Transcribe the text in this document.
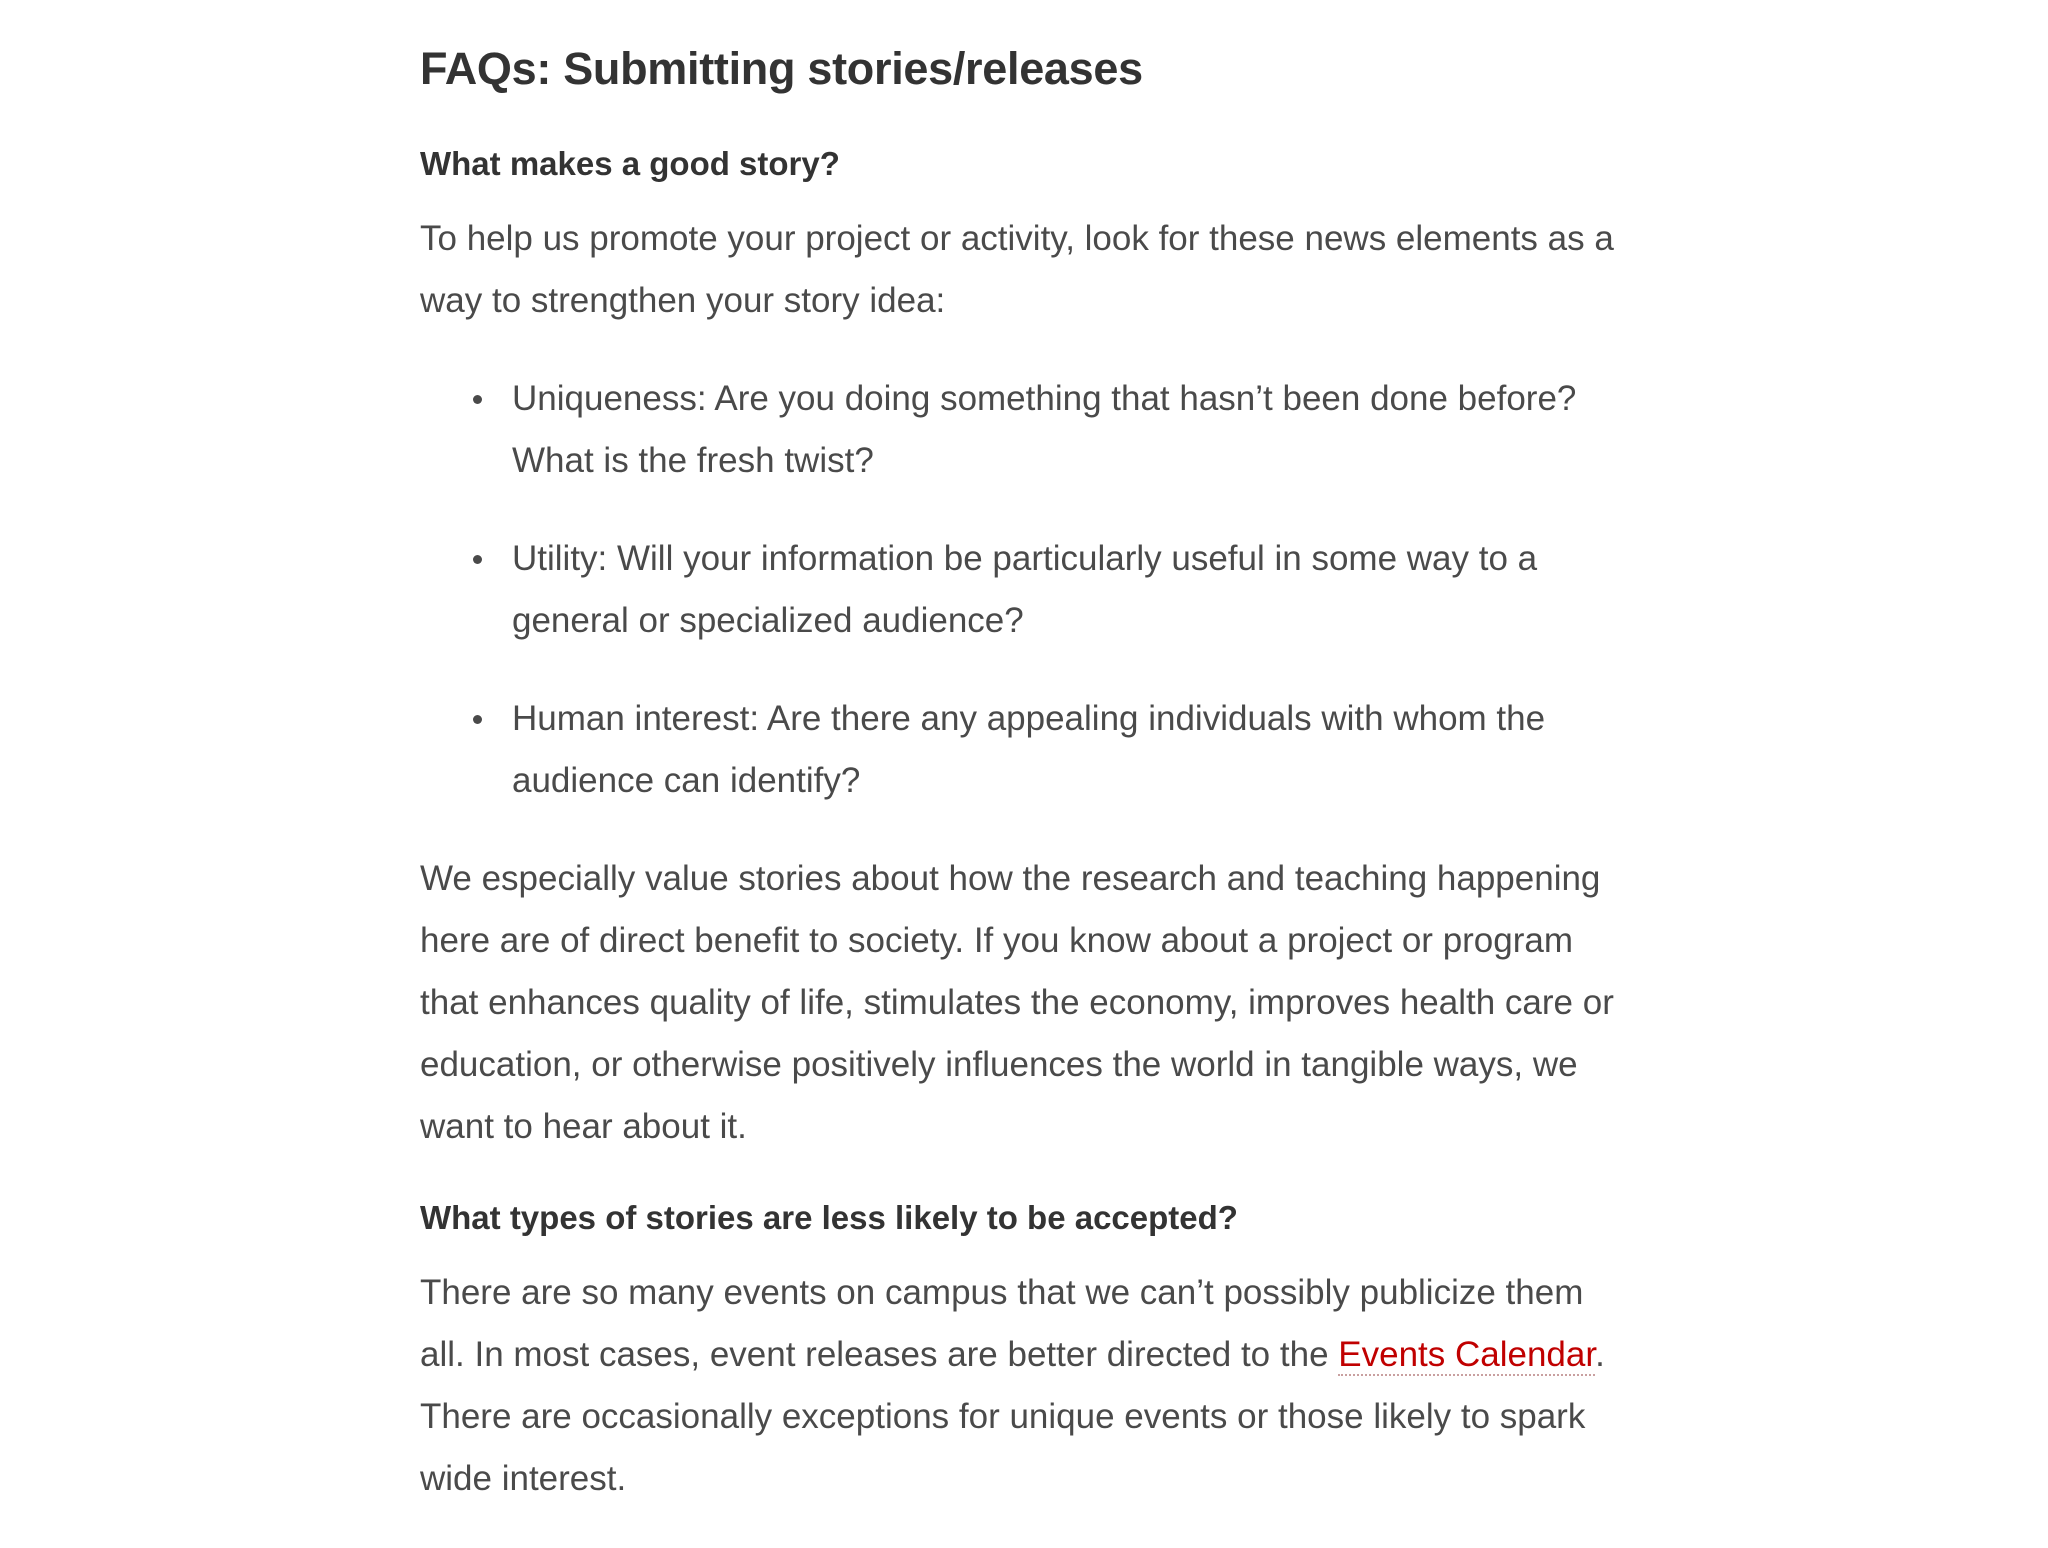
FAQs: Submitting stories/releases
What makes a good story?

To help us promote your project or activity, look for these news elements as a way to strengthen your story idea:

Uniqueness: Are you doing something that hasn’t been done before? What is the fresh twist?
Utility: Will your information be particularly useful in some way to a general or specialized audience?
Human interest: Are there any appealing individuals with whom the audience can identify?

We especially value stories about how the research and teaching happening here are of direct benefit to society. If you know about a project or program that enhances quality of life, stimulates the economy, improves health care or education, or otherwise positively influences the world in tangible ways, we want to hear about it.

What types of stories are less likely to be accepted?

There are so many events on campus that we can’t possibly publicize them all. In most cases, event releases are better directed to the Events Calendar. There are occasionally exceptions for unique events or those likely to spark wide interest.
